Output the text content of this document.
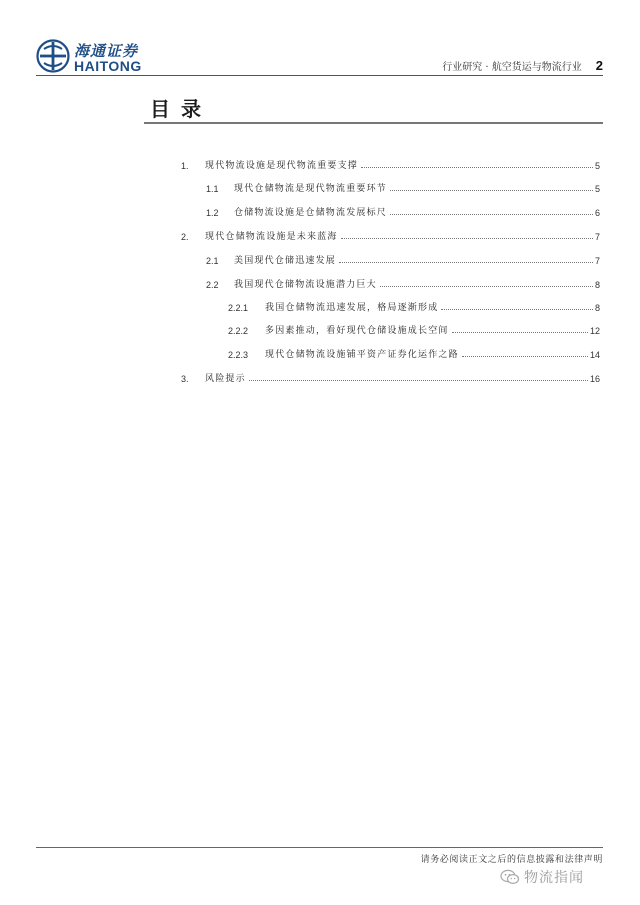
海通证券
HAITONG	行业研究 · 航空货运与物流行业 2
目录
1.	现代物流设施是现代物流重要支撑	5
1.1	现代仓储物流是现代物流重要环节	5
1.2	仓储物流设施是仓储物流发展标尺	6
2.	现代仓储物流设施是未来蓝海	7
2.1	美国现代仓储迅速发展	7
2.2	我国现代仓储物流设施潜力巨大	8
2.2.1	我国仓储物流迅速发展，格局逐渐形成	8
2.2.2	多因素推动，看好现代仓储设施成长空间	12
2.2.3	现代仓储物流设施铺平资产证券化运作之路	14
3.	风险提示	16
请务必阅读正文之后的信息披露和法律声明
物流指闻
